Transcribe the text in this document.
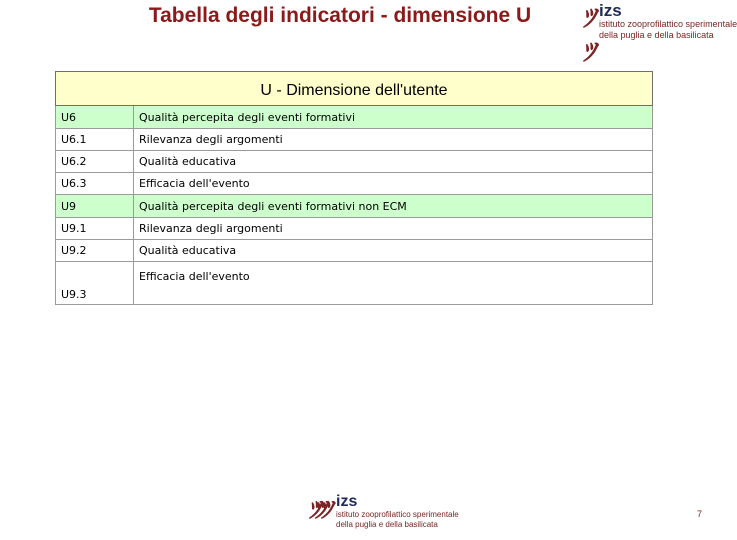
Tabella degli indicatori - dimensione U	ﾂﾂ
izs
istituto zooprofilattico sperimentale
della puglia e della basilicata
U - Dimensione dell'utente	
U6	Qualità percepita degli eventi formativi
U6.1	Rilevanza degli argomenti
U6.2	Qualità educativa
U6.3	Efficacia dell'evento
U9	Qualità percepita degli eventi formativi non ECM
U9.1	Rilevanza degli argomenti
U9.2	Qualità educativa
U9.3	Efficacia dell'evento
ﾂﾂﾂ izs
istituto zooprofilattico sperimentale
della puglia e della basilicata
7
